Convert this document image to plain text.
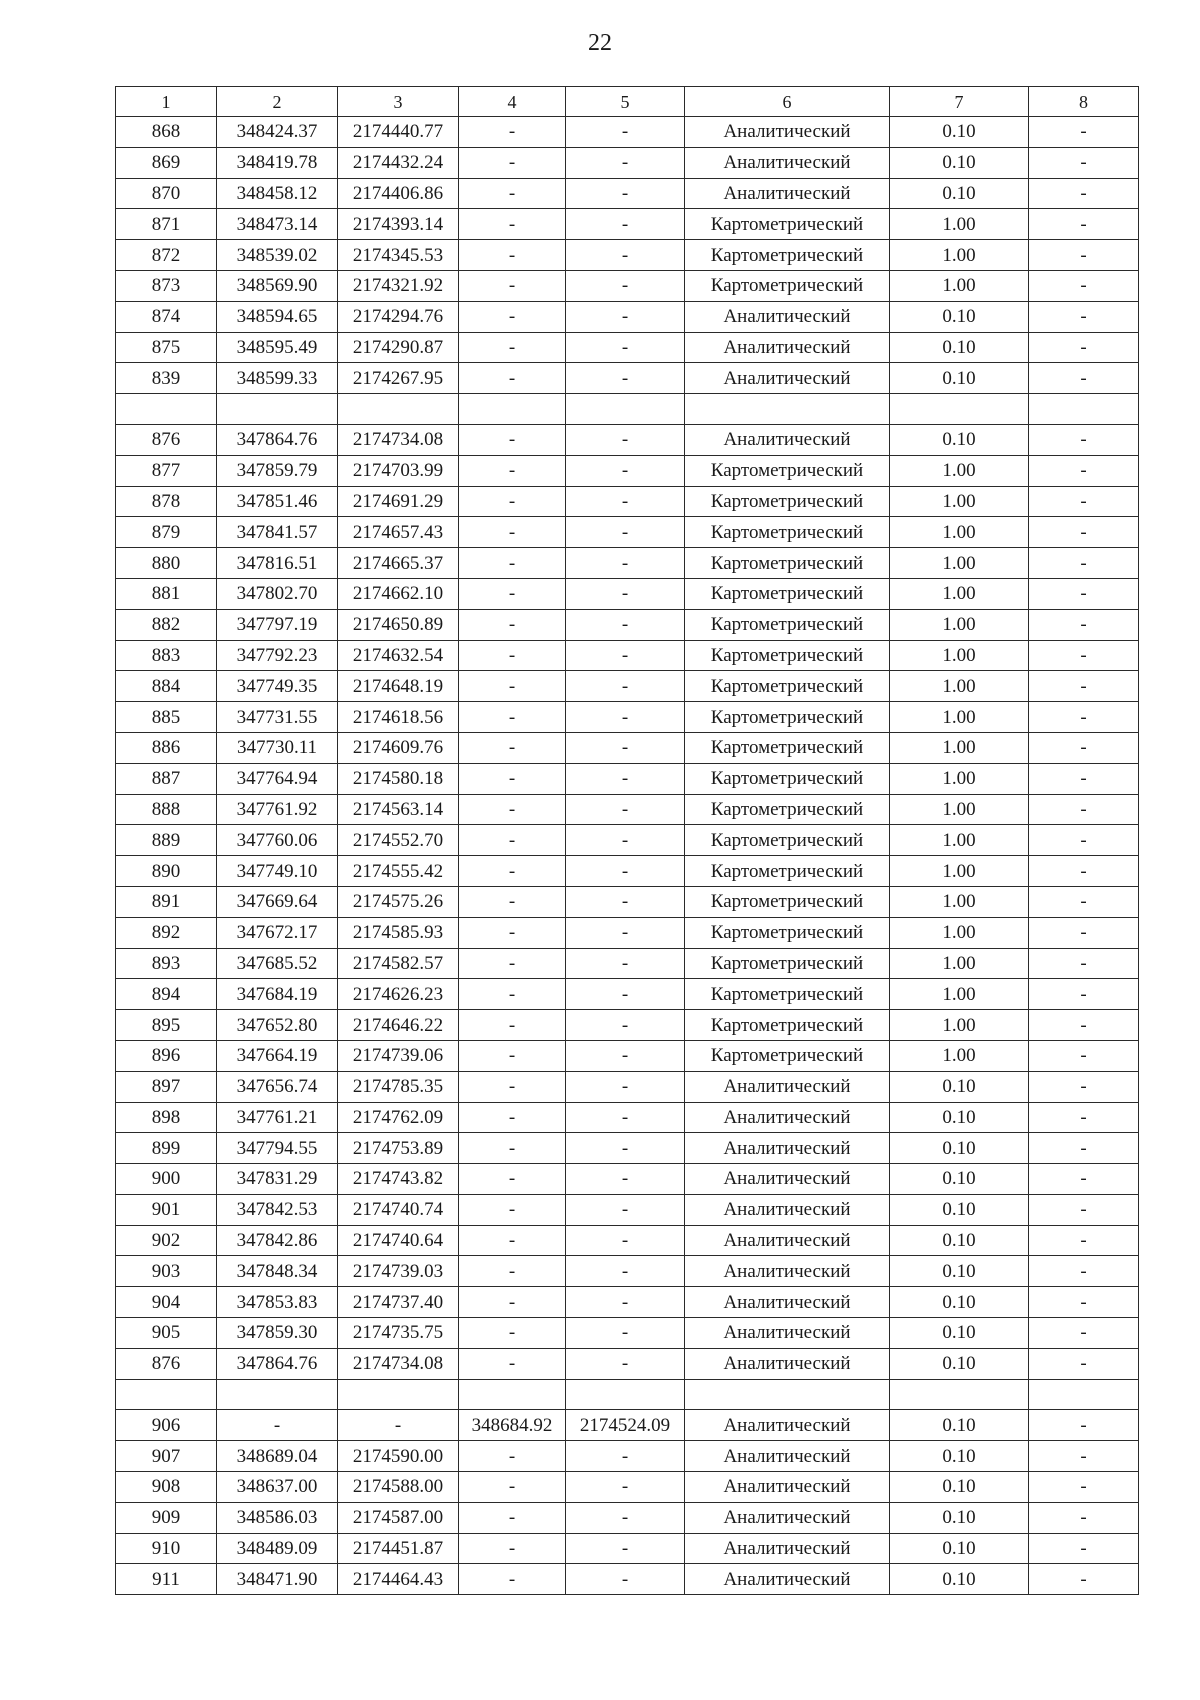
22
1	2	3	4	5	6	7	8
868	348424.37	2174440.77	-	-	Аналитический	0.10	-
869	348419.78	2174432.24	-	-	Аналитический	0.10	-
870	348458.12	2174406.86	-	-	Аналитический	0.10	-
871	348473.14	2174393.14	-	-	Картометрический	1.00	-
872	348539.02	2174345.53	-	-	Картометрический	1.00	-
873	348569.90	2174321.92	-	-	Картометрический	1.00	-
874	348594.65	2174294.76	-	-	Аналитический	0.10	-
875	348595.49	2174290.87	-	-	Аналитический	0.10	-
839	348599.33	2174267.95	-	-	Аналитический	0.10	-

876	347864.76	2174734.08	-	-	Аналитический	0.10	-
877	347859.79	2174703.99	-	-	Картометрический	1.00	-
878	347851.46	2174691.29	-	-	Картометрический	1.00	-
879	347841.57	2174657.43	-	-	Картометрический	1.00	-
880	347816.51	2174665.37	-	-	Картометрический	1.00	-
881	347802.70	2174662.10	-	-	Картометрический	1.00	-
882	347797.19	2174650.89	-	-	Картометрический	1.00	-
883	347792.23	2174632.54	-	-	Картометрический	1.00	-
884	347749.35	2174648.19	-	-	Картометрический	1.00	-
885	347731.55	2174618.56	-	-	Картометрический	1.00	-
886	347730.11	2174609.76	-	-	Картометрический	1.00	-
887	347764.94	2174580.18	-	-	Картометрический	1.00	-
888	347761.92	2174563.14	-	-	Картометрический	1.00	-
889	347760.06	2174552.70	-	-	Картометрический	1.00	-
890	347749.10	2174555.42	-	-	Картометрический	1.00	-
891	347669.64	2174575.26	-	-	Картометрический	1.00	-
892	347672.17	2174585.93	-	-	Картометрический	1.00	-
893	347685.52	2174582.57	-	-	Картометрический	1.00	-
894	347684.19	2174626.23	-	-	Картометрический	1.00	-
895	347652.80	2174646.22	-	-	Картометрический	1.00	-
896	347664.19	2174739.06	-	-	Картометрический	1.00	-
897	347656.74	2174785.35	-	-	Аналитический	0.10	-
898	347761.21	2174762.09	-	-	Аналитический	0.10	-
899	347794.55	2174753.89	-	-	Аналитический	0.10	-
900	347831.29	2174743.82	-	-	Аналитический	0.10	-
901	347842.53	2174740.74	-	-	Аналитический	0.10	-
902	347842.86	2174740.64	-	-	Аналитический	0.10	-
903	347848.34	2174739.03	-	-	Аналитический	0.10	-
904	347853.83	2174737.40	-	-	Аналитический	0.10	-
905	347859.30	2174735.75	-	-	Аналитический	0.10	-
876	347864.76	2174734.08	-	-	Аналитический	0.10	-

906	-	-	348684.92	2174524.09	Аналитический	0.10	-
907	348689.04	2174590.00	-	-	Аналитический	0.10	-
908	348637.00	2174588.00	-	-	Аналитический	0.10	-
909	348586.03	2174587.00	-	-	Аналитический	0.10	-
910	348489.09	2174451.87	-	-	Аналитический	0.10	-
911	348471.90	2174464.43	-	-	Аналитический	0.10	-
